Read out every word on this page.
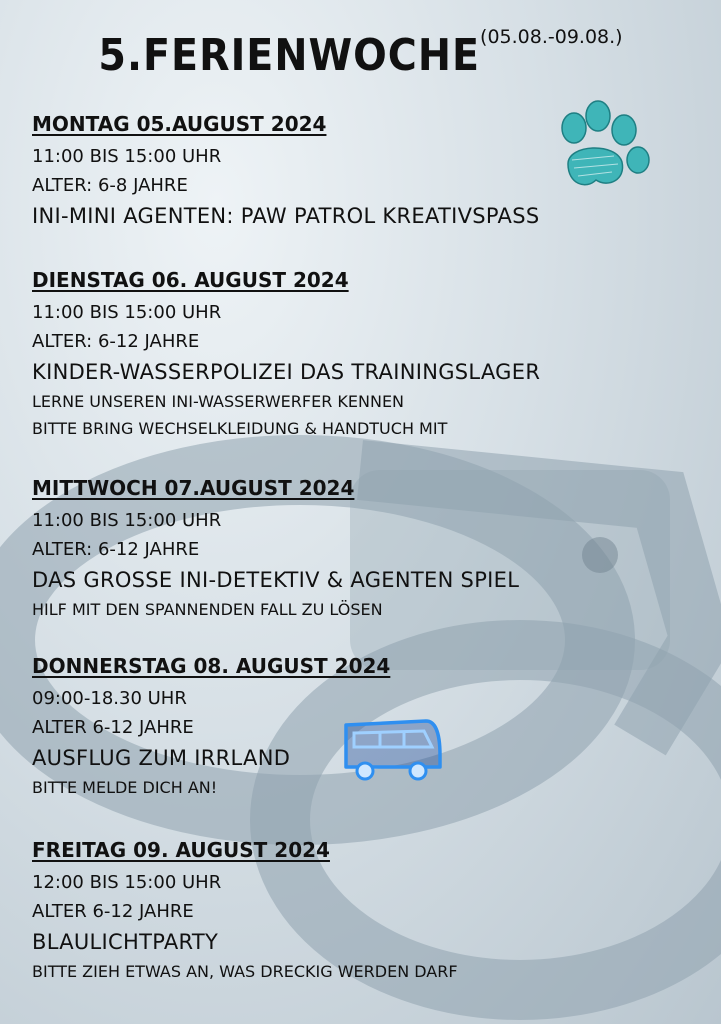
5.FERIENWOCHE(05.08.-09.08.)
MONTAG 05.AUGUST 2024
11:00 BIS 15:00 UHR
ALTER: 6-8 JAHRE
INI-MINI AGENTEN: PAW PATROL KREATIVSPASS
DIENSTAG 06. AUGUST 2024
11:00 BIS 15:00 UHR
ALTER: 6-12 JAHRE
KINDER-WASSERPOLIZEI DAS TRAININGSLAGER
LERNE UNSEREN INI-WASSERWERFER KENNEN
BITTE BRING WECHSELKLEIDUNG & HANDTUCH MIT
MITTWOCH 07.AUGUST 2024
11:00 BIS 15:00 UHR
ALTER: 6-12 JAHRE
DAS GROSSE INI-DETEKTIV & AGENTEN SPIEL
HILF MIT DEN SPANNENDEN FALL ZU LÖSEN
DONNERSTAG 08. AUGUST 2024
09:00-18.30 UHR
ALTER 6-12 JAHRE
AUSFLUG ZUM IRRLAND
BITTE MELDE DICH AN!
FREITAG 09. AUGUST 2024
12:00 BIS 15:00 UHR
ALTER 6-12 JAHRE
BLAULICHTPARTY
BITTE ZIEH ETWAS AN, WAS DRECKIG WERDEN DARF
